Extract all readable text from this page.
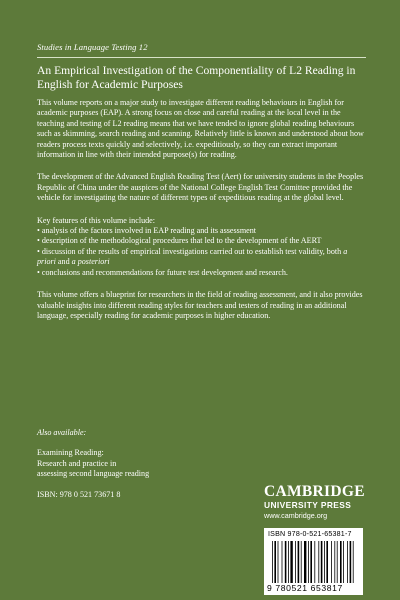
Studies in Language Testing 12
An Empirical Investigation of the Componentiality of L2 Reading in English for Academic Purposes

This volume reports on a major study to investigate different reading behaviours in English for academic purposes (EAP). A strong focus on close and careful reading at the local level in the teaching and testing of L2 reading means that we have tended to ignore global reading behaviours such as skimming, search reading and scanning. Relatively little is known and understood about how readers process texts quickly and selectively, i.e. expeditiously, so they can extract important information in line with their intended purpose(s) for reading.

The development of the Advanced English Reading Test (Aert) for university students in the Peoples Republic of China under the auspices of the National College English Test Comittee provided the vehicle for investigating the nature of different types of expeditious reading at the global level.

Key features of this volume include:
• analysis of the factors involved in EAP reading and its assessment
• description of the methodological procedures that led to the development of the AERT
• discussion of the results of empirical investigations carried out to establish test validity, both a priori and a posteriori
• conclusions and recommendations for future test development and research.

This volume offers a blueprint for researchers in the field of reading assessment, and it also provides valuable insights into different reading styles for teachers and testers of reading in an additional language, especially reading for academic purposes in higher education.

Also available:
Examining Reading:
Research and practice in
assessing second language reading
ISBN: 978 0 521 73671 8	CAMBRIDGE
UNIVERSITY PRESS
www.cambridge.org
ISBN 978-0-521-65381-7
9 780521 653817
